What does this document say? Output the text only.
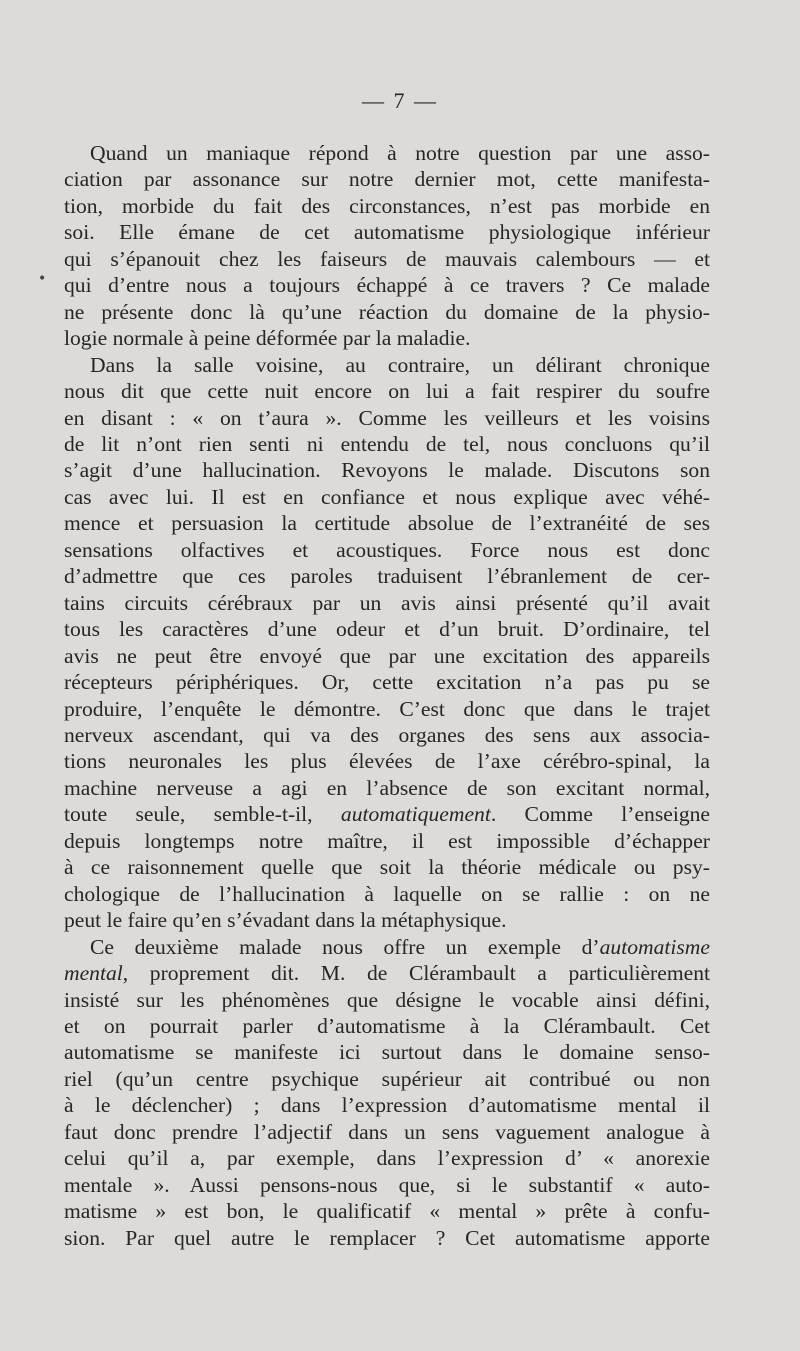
— 7 —
•
Quand un maniaque répond à notre question par une asso-
ciation par assonance sur notre dernier mot, cette manifesta-
tion, morbide du fait des circonstances, n’est pas morbide en
soi. Elle émane de cet automatisme physiologique inférieur
qui s’épanouit chez les faiseurs de mauvais calembours — et
qui d’entre nous a toujours échappé à ce travers ? Ce malade
ne présente donc là qu’une réaction du domaine de la physio-
logie normale à peine déformée par la maladie.
Dans la salle voisine, au contraire, un délirant chronique
nous dit que cette nuit encore on lui a fait respirer du soufre
en disant : « on t’aura ». Comme les veilleurs et les voisins
de lit n’ont rien senti ni entendu de tel, nous concluons qu’il
s’agit d’une hallucination. Revoyons le malade. Discutons son
cas avec lui. Il est en confiance et nous explique avec véhé-
mence et persuasion la certitude absolue de l’extranéité de ses
sensations olfactives et acoustiques. Force nous est donc
d’admettre que ces paroles traduisent l’ébranlement de cer-
tains circuits cérébraux par un avis ainsi présenté qu’il avait
tous les caractères d’une odeur et d’un bruit. D’ordinaire, tel
avis ne peut être envoyé que par une excitation des appareils
récepteurs périphériques. Or, cette excitation n’a pas pu se
produire, l’enquête le démontre. C’est donc que dans le trajet
nerveux ascendant, qui va des organes des sens aux associa-
tions neuronales les plus élevées de l’axe cérébro-spinal, la
machine nerveuse a agi en l’absence de son excitant normal,
toute seule, semble-t-il, automatiquement. Comme l’enseigne
depuis longtemps notre maître, il est impossible d’échapper
à ce raisonnement quelle que soit la théorie médicale ou psy-
chologique de l’hallucination à laquelle on se rallie : on ne
peut le faire qu’en s’évadant dans la métaphysique.
Ce deuxième malade nous offre un exemple d’automatisme
mental, proprement dit. M. de Clérambault a particulièrement
insisté sur les phénomènes que désigne le vocable ainsi défini,
et on pourrait parler d’automatisme à la Clérambault. Cet
automatisme se manifeste ici surtout dans le domaine senso-
riel (qu’un centre psychique supérieur ait contribué ou non
à le déclencher) ; dans l’expression d’automatisme mental il
faut donc prendre l’adjectif dans un sens vaguement analogue à
celui qu’il a, par exemple, dans l’expression d’ « anorexie
mentale ». Aussi pensons-nous que, si le substantif « auto-
matisme » est bon, le qualificatif « mental » prête à confu-
sion. Par quel autre le remplacer ? Cet automatisme apporte
